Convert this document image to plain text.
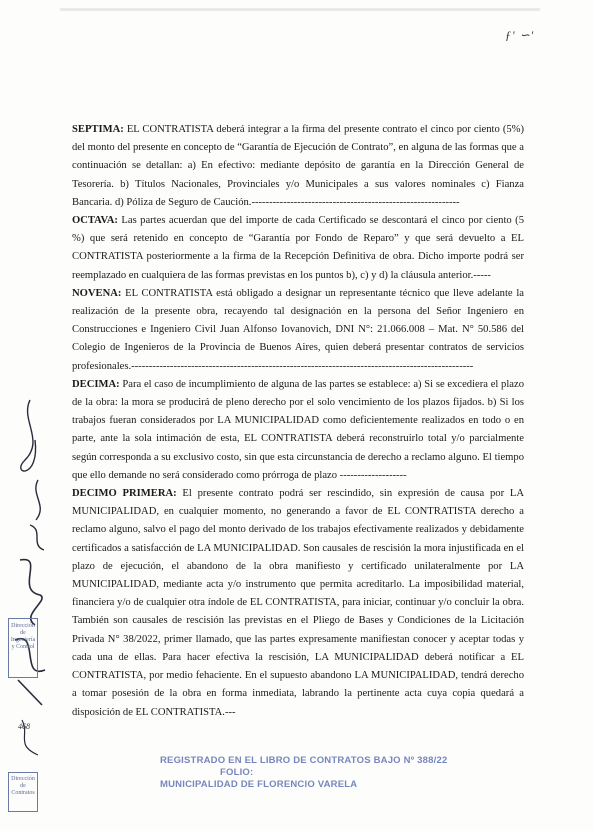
ƒ' ∽'

SEPTIMA: EL CONTRATISTA deberá integrar a la firma del presente contrato el cinco por ciento (5%) del monto del presente en concepto de “Garantía de Ejecución de Contrato”, en alguna de las formas que a continuación se detallan: a) En efectivo: mediante depósito de garantía en la Dirección General de Tesorería. b) Títulos Nacionales, Provinciales y/o Municipales a sus valores nominales c) Fianza Bancaria. d) Póliza de Seguro de Caución.-----------------------------------------------------------

OCTAVA: Las partes acuerdan que del importe de cada Certificado se descontará el cinco por ciento (5 %) que será retenido en concepto de “Garantía por Fondo de Reparo” y que será devuelto a EL CONTRATISTA posteriormente a la firma de la Recepción Definitiva de obra. Dicho importe podrá ser reemplazado en cualquiera de las formas previstas en los puntos b), c) y d) la cláusula anterior.-----

NOVENA: EL CONTRATISTA está obligado a designar un representante técnico que lleve adelante la realización de la presente obra, recayendo tal designación en la persona del Señor Ingeniero en Construcciones e Ingeniero Civil Juan Alfonso Iovanovich, DNI N°: 21.066.008 – Mat. N° 50.586 del Colegio de Ingenieros de la Provincia de Buenos Aires, quien deberá presentar contratos de servicios profesionales.-------------------------------------------------------------------------------------------------

DECIMA: Para el caso de incumplimiento de alguna de las partes se establece: a) Si se excediera el plazo de la obra: la mora se producirá de pleno derecho por el solo vencimiento de los plazos fijados. b) Si los trabajos fueran considerados por LA MUNICIPALIDAD como deficientemente realizados en todo o en parte, ante la sola intimación de esta, EL CONTRATISTA deberá reconstruirlo total y/o parcialmente según corresponda a su exclusivo costo, sin que esta circunstancia de derecho a reclamo alguno. El tiempo que ello demande no será considerado como prórroga de plazo -------------------

DECIMO PRIMERA: El presente contrato podrá ser rescindido, sin expresión de causa por LA MUNICIPALIDAD, en cualquier momento, no generando a favor de EL CONTRATISTA derecho a reclamo alguno, salvo el pago del monto derivado de los trabajos efectivamente realizados y debidamente certificados a satisfacción de LA MUNICIPALIDAD. Son causales de rescisión la mora injustificada en el plazo de ejecución, el abandono de la obra manifiesto y certificado unilateralmente por LA MUNICIPALIDAD, mediante acta y/o instrumento que permita acreditarlo. La imposibilidad material, financiera y/o de cualquier otra índole de EL CONTRATISTA, para iniciar, continuar y/o concluir la obra. También son causales de rescisión las previstas en el Pliego de Bases y Condiciones de la Licitación Privada N° 38/2022, primer llamado, que las partes expresamente manifiestan conocer y aceptar todas y cada una de ellas. Para hacer efectiva la rescisión, LA MUNICIPALIDAD deberá notificar a EL CONTRATISTA, por medio fehaciente. En el supuesto abandono LA MUNICIPALIDAD, tendrá derecho a tomar posesión de la obra en forma inmediata, labrando la pertinente acta cuya copia quedará a disposición de EL CONTRATISTA.---

Dirección de Ingeniería y Control
Dirección de Contratos
468
REGISTRADO EN EL LIBRO DE CONTRATOS BAJO Nº 388/22
FOLIO:
MUNICIPALIDAD DE FLORENCIO VARELA
